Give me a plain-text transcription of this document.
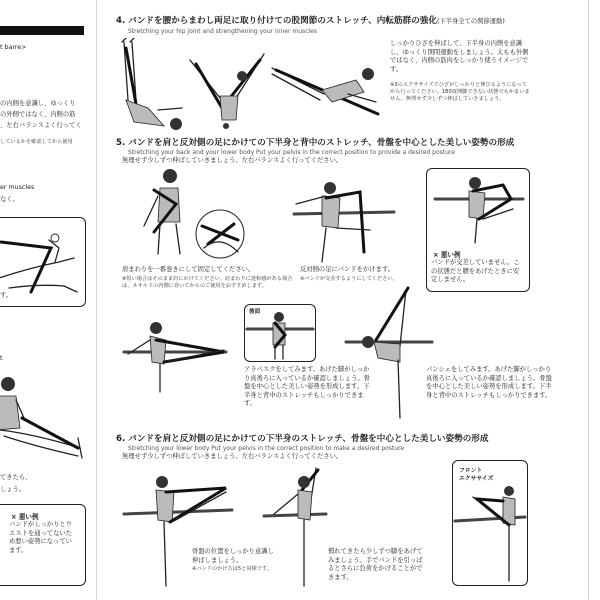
t barre>
の内側を意識し、ゆっくり
の外側ではなく、内側の筋
、左右バランスよく行ってく
しているかを確認してから使用
er muscles
なく。
す。
t
てきたら、
しょう。
× 悪い例
バンドがしっかりとウエストを通ってないため悪い姿勢になっています。
4. バンドを腰からまわし両足に取り付けての股関節のストレッチ、内転筋群の強化(下半身全ての関節運動)
Stretching your hip joint and strengthening your inner muscles
しっかりひざを伸ばして、下半身の内側を意識し、ゆっくり開閉運動をしましょう。太もも外側ではなく、内側の筋肉をしっかり使うイメージです。
※3のエクササイズでひざがしっかりと伸びるようになってから行ってください。180度開脚できない状態でもかまいません。無理せず少しずつ伸ばしていきましょう。
5. バンドを肩と反対側の足にかけての下半身と背中のストレッチ、骨盤を中心とした美しい姿勢の形成
Stretching your back and your lower body Put your pelvis in the correct position to provide a desired posture
無理せず少しずつ伸ばしていきましょう。左右バランスよく行ってください。
肩まわりを一番巻きにして固定してください。
※短い場合はそのまま肩にかけてください。肩まわりに違和感がある場合は、ネオルドの内側に巻いてからのご使用をおすすめします。
反対側の足にバンドをかけます。
※バンドが交差するようにしてください。
× 悪い例
バンドが交差していません。この状態だと腰をあげたときに安定しません。
後面
アラベスクをしてみます。あげた脚がしっかり真後ろに入っているか確認しましょう。骨盤を中心とした美しい姿勢を形成します。下半身と背中のストレッチもしっかりできます。
パンシェをしてみます。あげた脚がしっかり真後ろに入っているか確認しましょう。骨盤を中心とした美しい姿勢を形成します。下半身と背中のストレッチもしっかりできます。
6. バンドを肩と反対側の足にかけての下半身のストレッチ、骨盤を中心とした美しい姿勢の形成
Stretching your lower body Put your pelvis in the correct position to make a desired posture
無理せず少しずつ伸ばしていきましょう。左右バランスよく行ってください。
骨盤の位置をしっかり意識し伸ばしましょう。
※バンドのかけ方は5と同様です。
慣れてきたら少しずつ脚をあげてみましょう。手でバンドを引っぱるとさらに負荷をかけることができます。
フロント
エクササイズ
